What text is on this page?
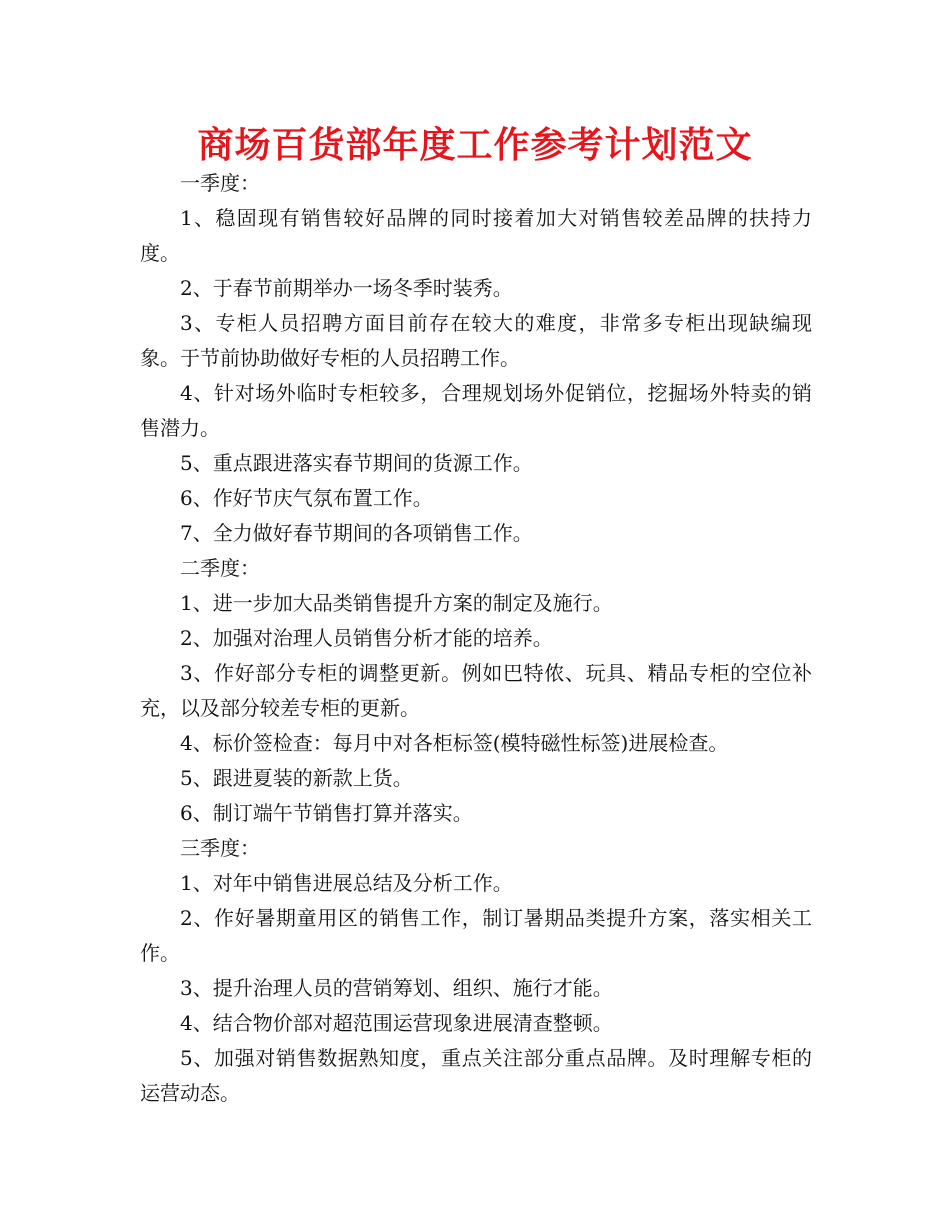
商场百货部年度工作参考计划范文

一季度：

1、稳固现有销售较好品牌的同时接着加大对销售较差品牌的扶持力度。

2、于春节前期举办一场冬季时装秀。

3、专柜人员招聘方面目前存在较大的难度，非常多专柜出现缺编现象。于节前协助做好专柜的人员招聘工作。

4、针对场外临时专柜较多，合理规划场外促销位，挖掘场外特卖的销售潜力。

5、重点跟进落实春节期间的货源工作。

6、作好节庆气氛布置工作。

7、全力做好春节期间的各项销售工作。

二季度：

1、进一步加大品类销售提升方案的制定及施行。

2、加强对治理人员销售分析才能的培养。

3、作好部分专柜的调整更新。例如巴特侬、玩具、精品专柜的空位补充，以及部分较差专柜的更新。

4、标价签检查：每月中对各柜标签(模特磁性标签)进展检查。

5、跟进夏装的新款上货。

6、制订端午节销售打算并落实。

三季度：

1、对年中销售进展总结及分析工作。

2、作好暑期童用区的销售工作，制订暑期品类提升方案，落实相关工作。

3、提升治理人员的营销筹划、组织、施行才能。

4、结合物价部对超范围运营现象进展清查整顿。

5、加强对销售数据熟知度，重点关注部分重点品牌。及时理解专柜的运营动态。
